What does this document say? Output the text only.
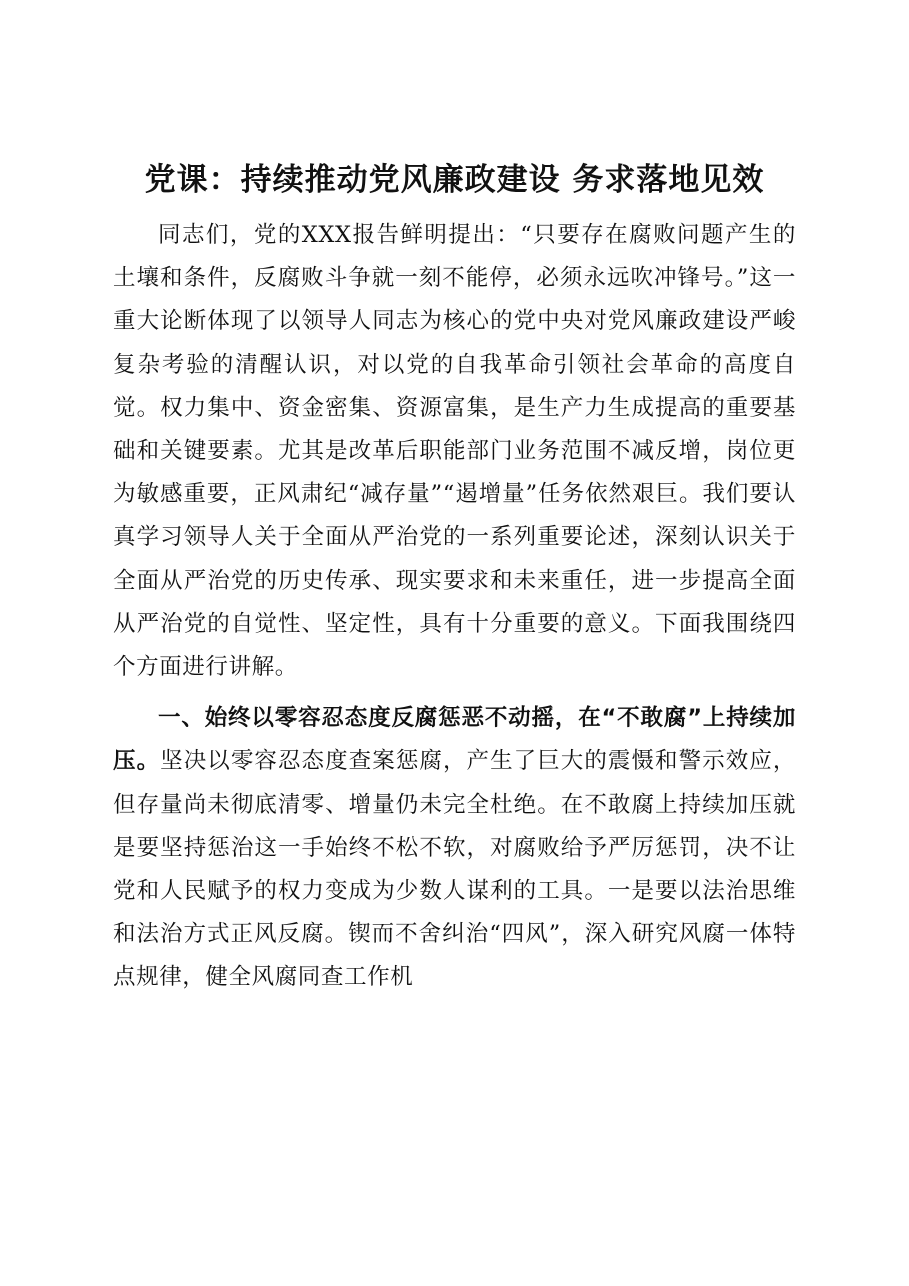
党课：持续推动党风廉政建设 务求落地见效

同志们，党的XXX报告鲜明提出：“只要存在腐败问题产生的土壤和条件，反腐败斗争就一刻不能停，必须永远吹冲锋号。”这一重大论断体现了以领导人同志为核心的党中央对党风廉政建设严峻复杂考验的清醒认识，对以党的自我革命引领社会革命的高度自觉。权力集中、资金密集、资源富集，是生产力生成提高的重要基础和关键要素。尤其是改革后职能部门业务范围不减反增，岗位更为敏感重要，正风肃纪“减存量”“遏增量”任务依然艰巨。我们要认真学习领导人关于全面从严治党的一系列重要论述，深刻认识关于全面从严治党的历史传承、现实要求和未来重任，进一步提高全面从严治党的自觉性、坚定性，具有十分重要的意义。下面我围绕四个方面进行讲解。

一、始终以零容忍态度反腐惩恶不动摇，在“不敢腐”上持续加压。坚决以零容忍态度查案惩腐，产生了巨大的震慑和警示效应，但存量尚未彻底清零、增量仍未完全杜绝。在不敢腐上持续加压就是要坚持惩治这一手始终不松不软，对腐败给予严厉惩罚，决不让党和人民赋予的权力变成为少数人谋利的工具。一是要以法治思维和法治方式正风反腐。锲而不舍纠治“四风”，深入研究风腐一体特点规律，健全风腐同查工作机
